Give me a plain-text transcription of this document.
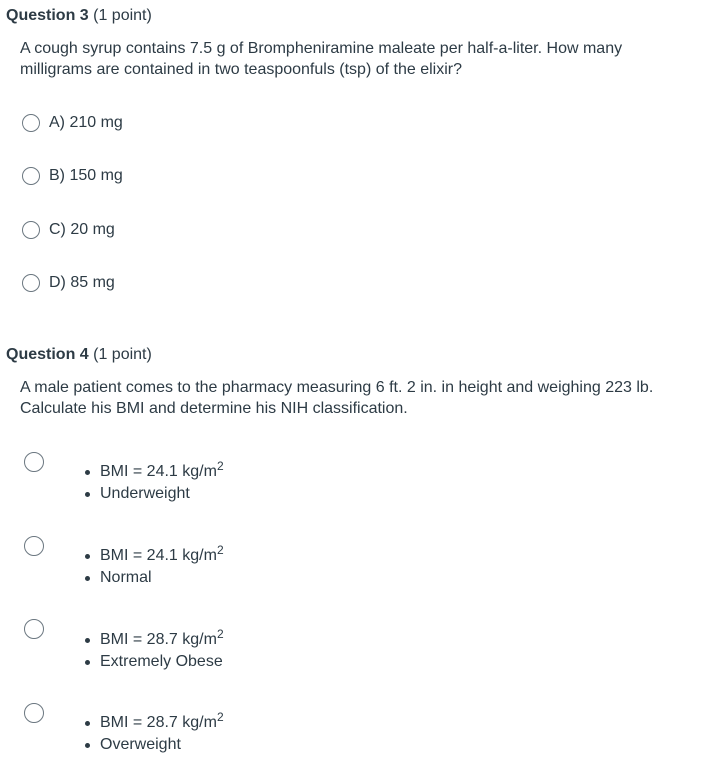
Question 3 (1 point)
A cough syrup contains 7.5 g of Brompheniramine maleate per half-a-liter. How many milligrams are contained in two teaspoonfuls (tsp) of the elixir?
A) 210 mg
B) 150 mg
C) 20 mg
D) 85 mg
Question 4 (1 point)
A male patient comes to the pharmacy measuring 6 ft. 2 in. in height and weighing 223 lb. Calculate his BMI and determine his NIH classification.
BMI = 24.1 $kg/m^2$
Underweight
BMI = 24.1 $kg/m^2$
Normal
BMI = 28.7 $kg/m^2$
Extremely Obese
BMI = 28.7 $kg/m^2$
Overweight
